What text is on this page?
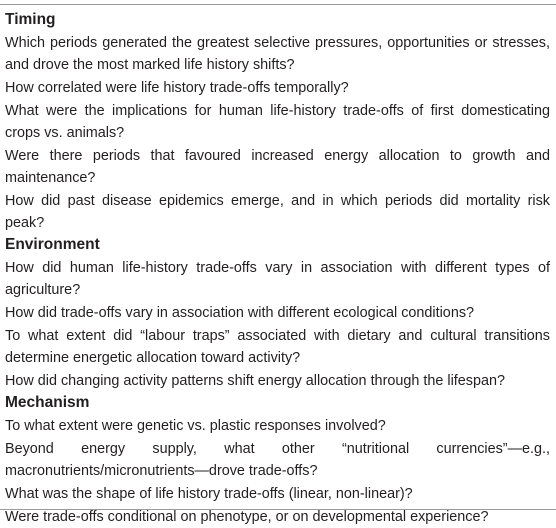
Timing
Which periods generated the greatest selective pressures, opportunities or stresses, and drove the most marked life history shifts?
How correlated were life history trade-offs temporally?
What were the implications for human life-history trade-offs of first domesticating crops vs. animals?
Were there periods that favoured increased energy allocation to growth and maintenance?
How did past disease epidemics emerge, and in which periods did mortality risk peak?
Environment
How did human life-history trade-offs vary in association with different types of agriculture?
How did trade-offs vary in association with different ecological conditions?
To what extent did “labour traps” associated with dietary and cultural transitions determine energetic allocation toward activity?
How did changing activity patterns shift energy allocation through the lifespan?
Mechanism
To what extent were genetic vs. plastic responses involved?
Beyond energy supply, what other “nutritional currencies”—e.g., macronutrients/micronutrients—drove trade-offs?
What was the shape of life history trade-offs (linear, non-linear)?
Were trade-offs conditional on phenotype, or on developmental experience?
